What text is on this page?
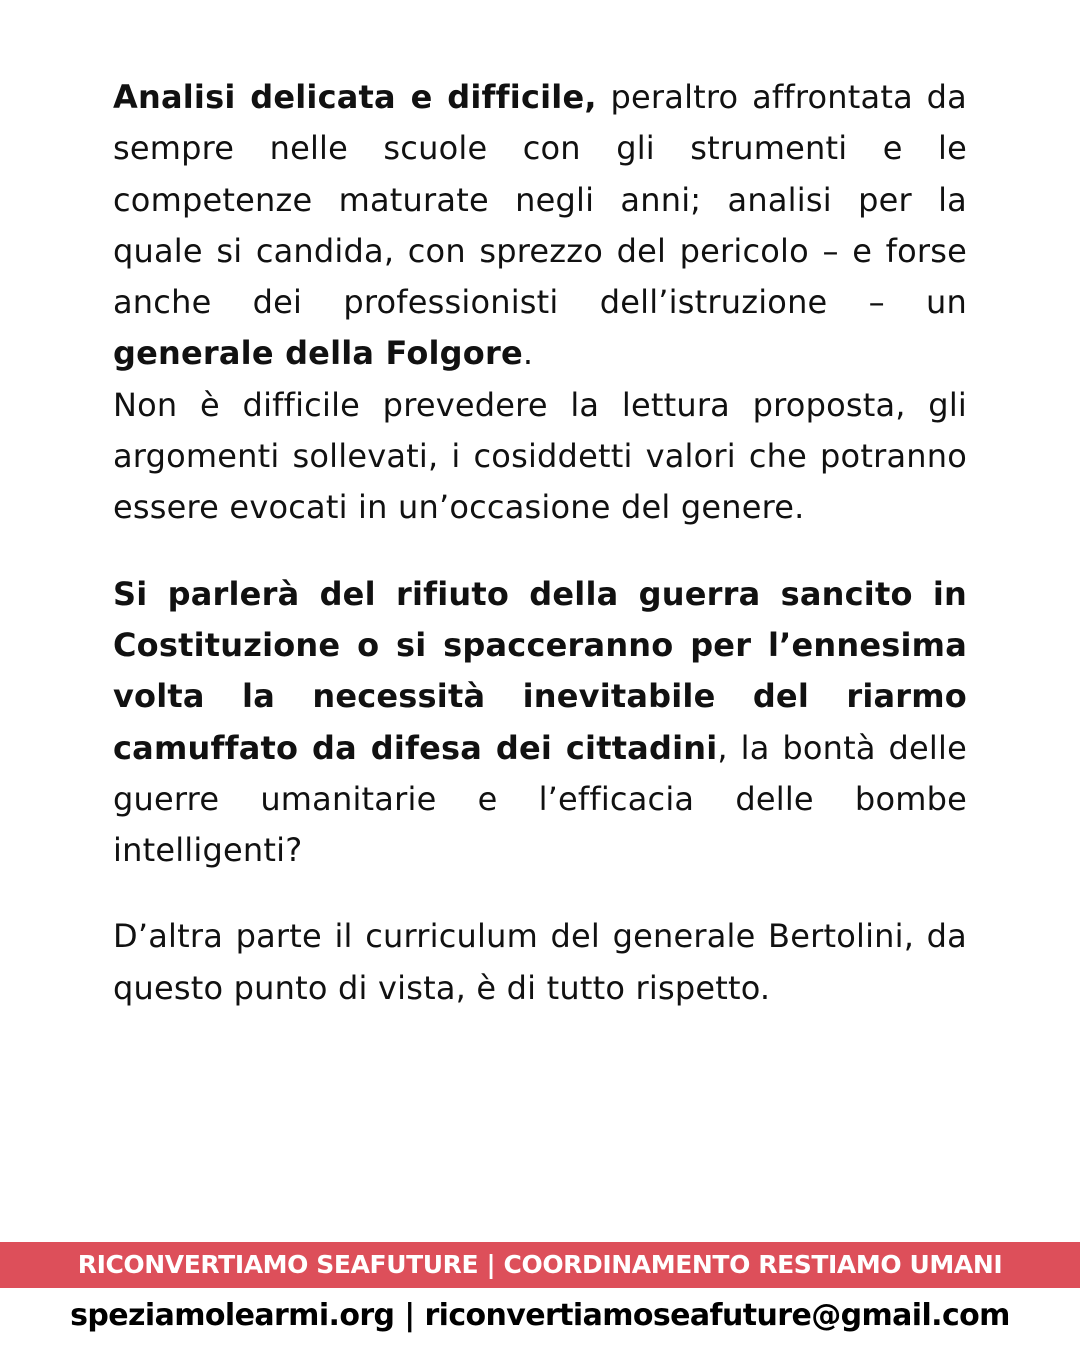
Analisi delicata e difficile, peraltro affrontata da sempre nelle scuole con gli strumenti e le competenze maturate negli anni; analisi per la quale si candida, con sprezzo del pericolo – e forse anche dei professionisti dell’istruzione – un generale della Folgore.

Non è difficile prevedere la lettura proposta, gli argomenti sollevati, i cosiddetti valori che potranno essere evocati in un’occasione del genere.

Si parlerà del rifiuto della guerra sancito in Costituzione o si spacceranno per l’ennesima volta la necessità inevitabile del riarmo camuffato da difesa dei cittadini, la bontà delle guerre umanitarie e l’efficacia delle bombe intelligenti?

D’altra parte il curriculum del generale Bertolini, da questo punto di vista, è di tutto rispetto.

RICONVERTIAMO SEAFUTURE | COORDINAMENTO RESTIAMO UMANI
speziamolearmi.org | riconvertiamoseafuture@gmail.com
